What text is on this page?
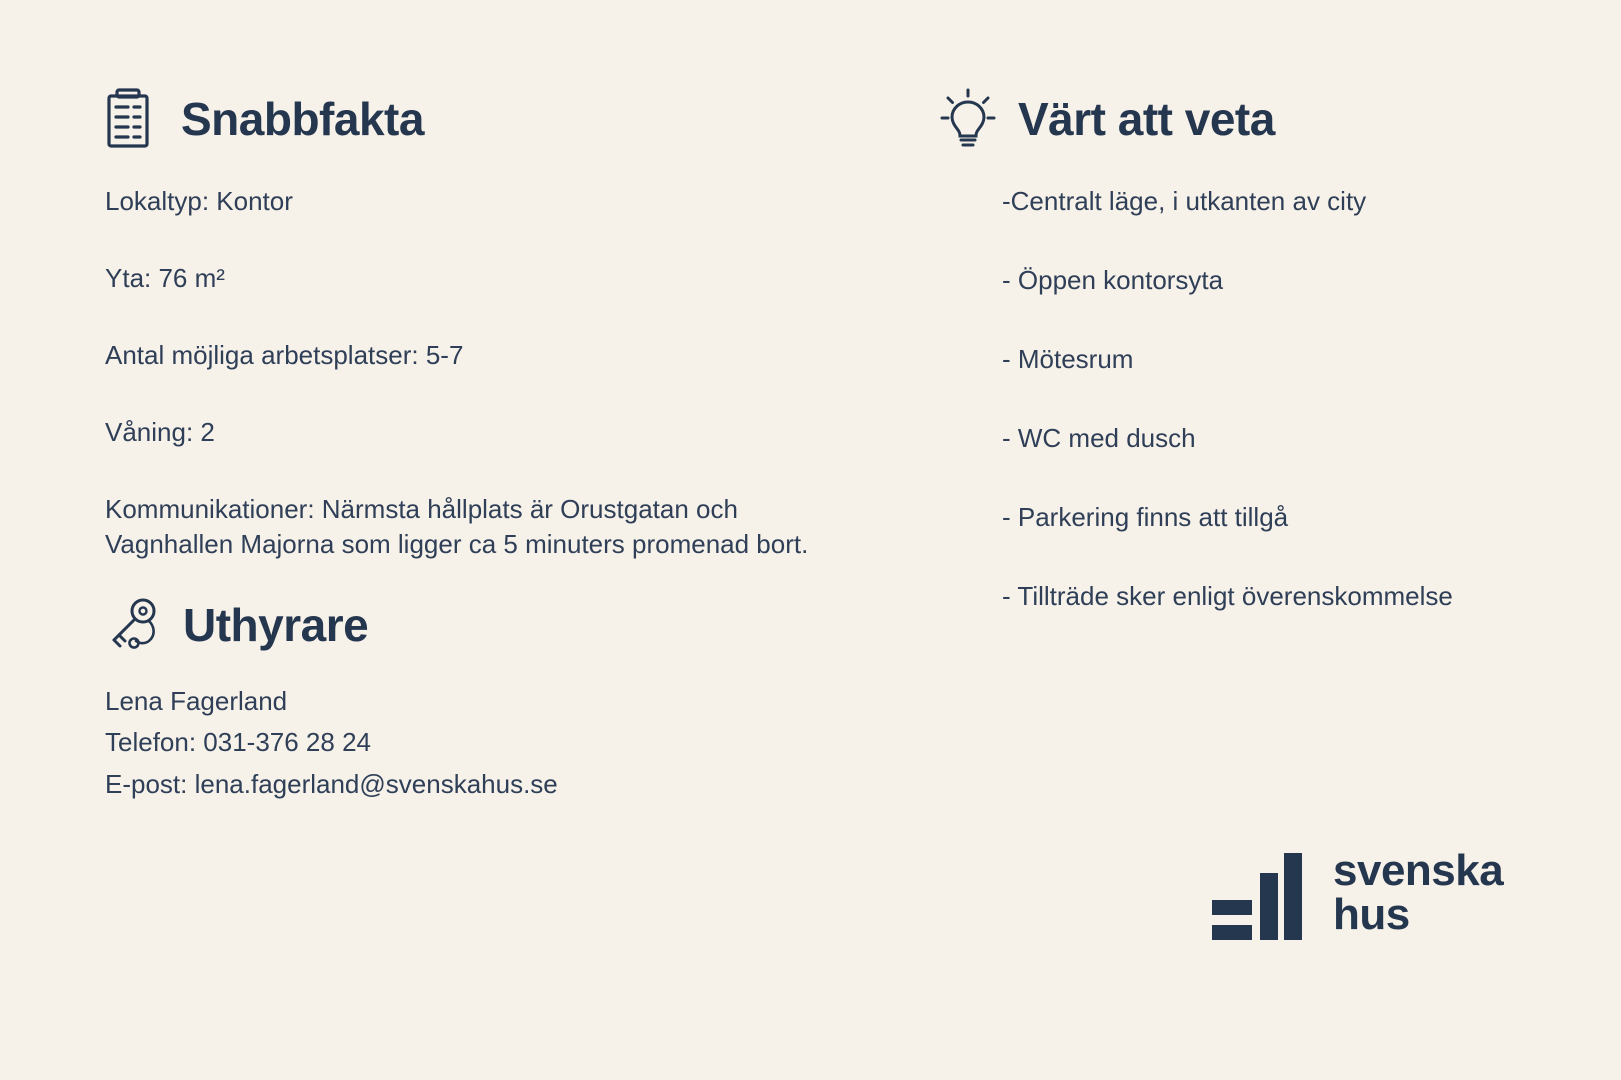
Snabbfakta

Lokaltyp: Kontor

Yta: 76 m²

Antal möjliga arbetsplatser: 5-7

Våning: 2

Kommunikationer: Närmsta hållplats är Orustgatan och Vagnhallen Majorna som ligger ca 5 minuters promenad bort.

Uthyrare

Lena Fagerland

Telefon: 031-376 28 24

E-post: lena.fagerland@svenskahus.se

Värt att veta

-Centralt läge, i utkanten av city

- Öppen kontorsyta

- Mötesrum

- WC med dusch

- Parkering finns att tillgå

- Tillträde sker enligt överenskommelse

svenska
hus
